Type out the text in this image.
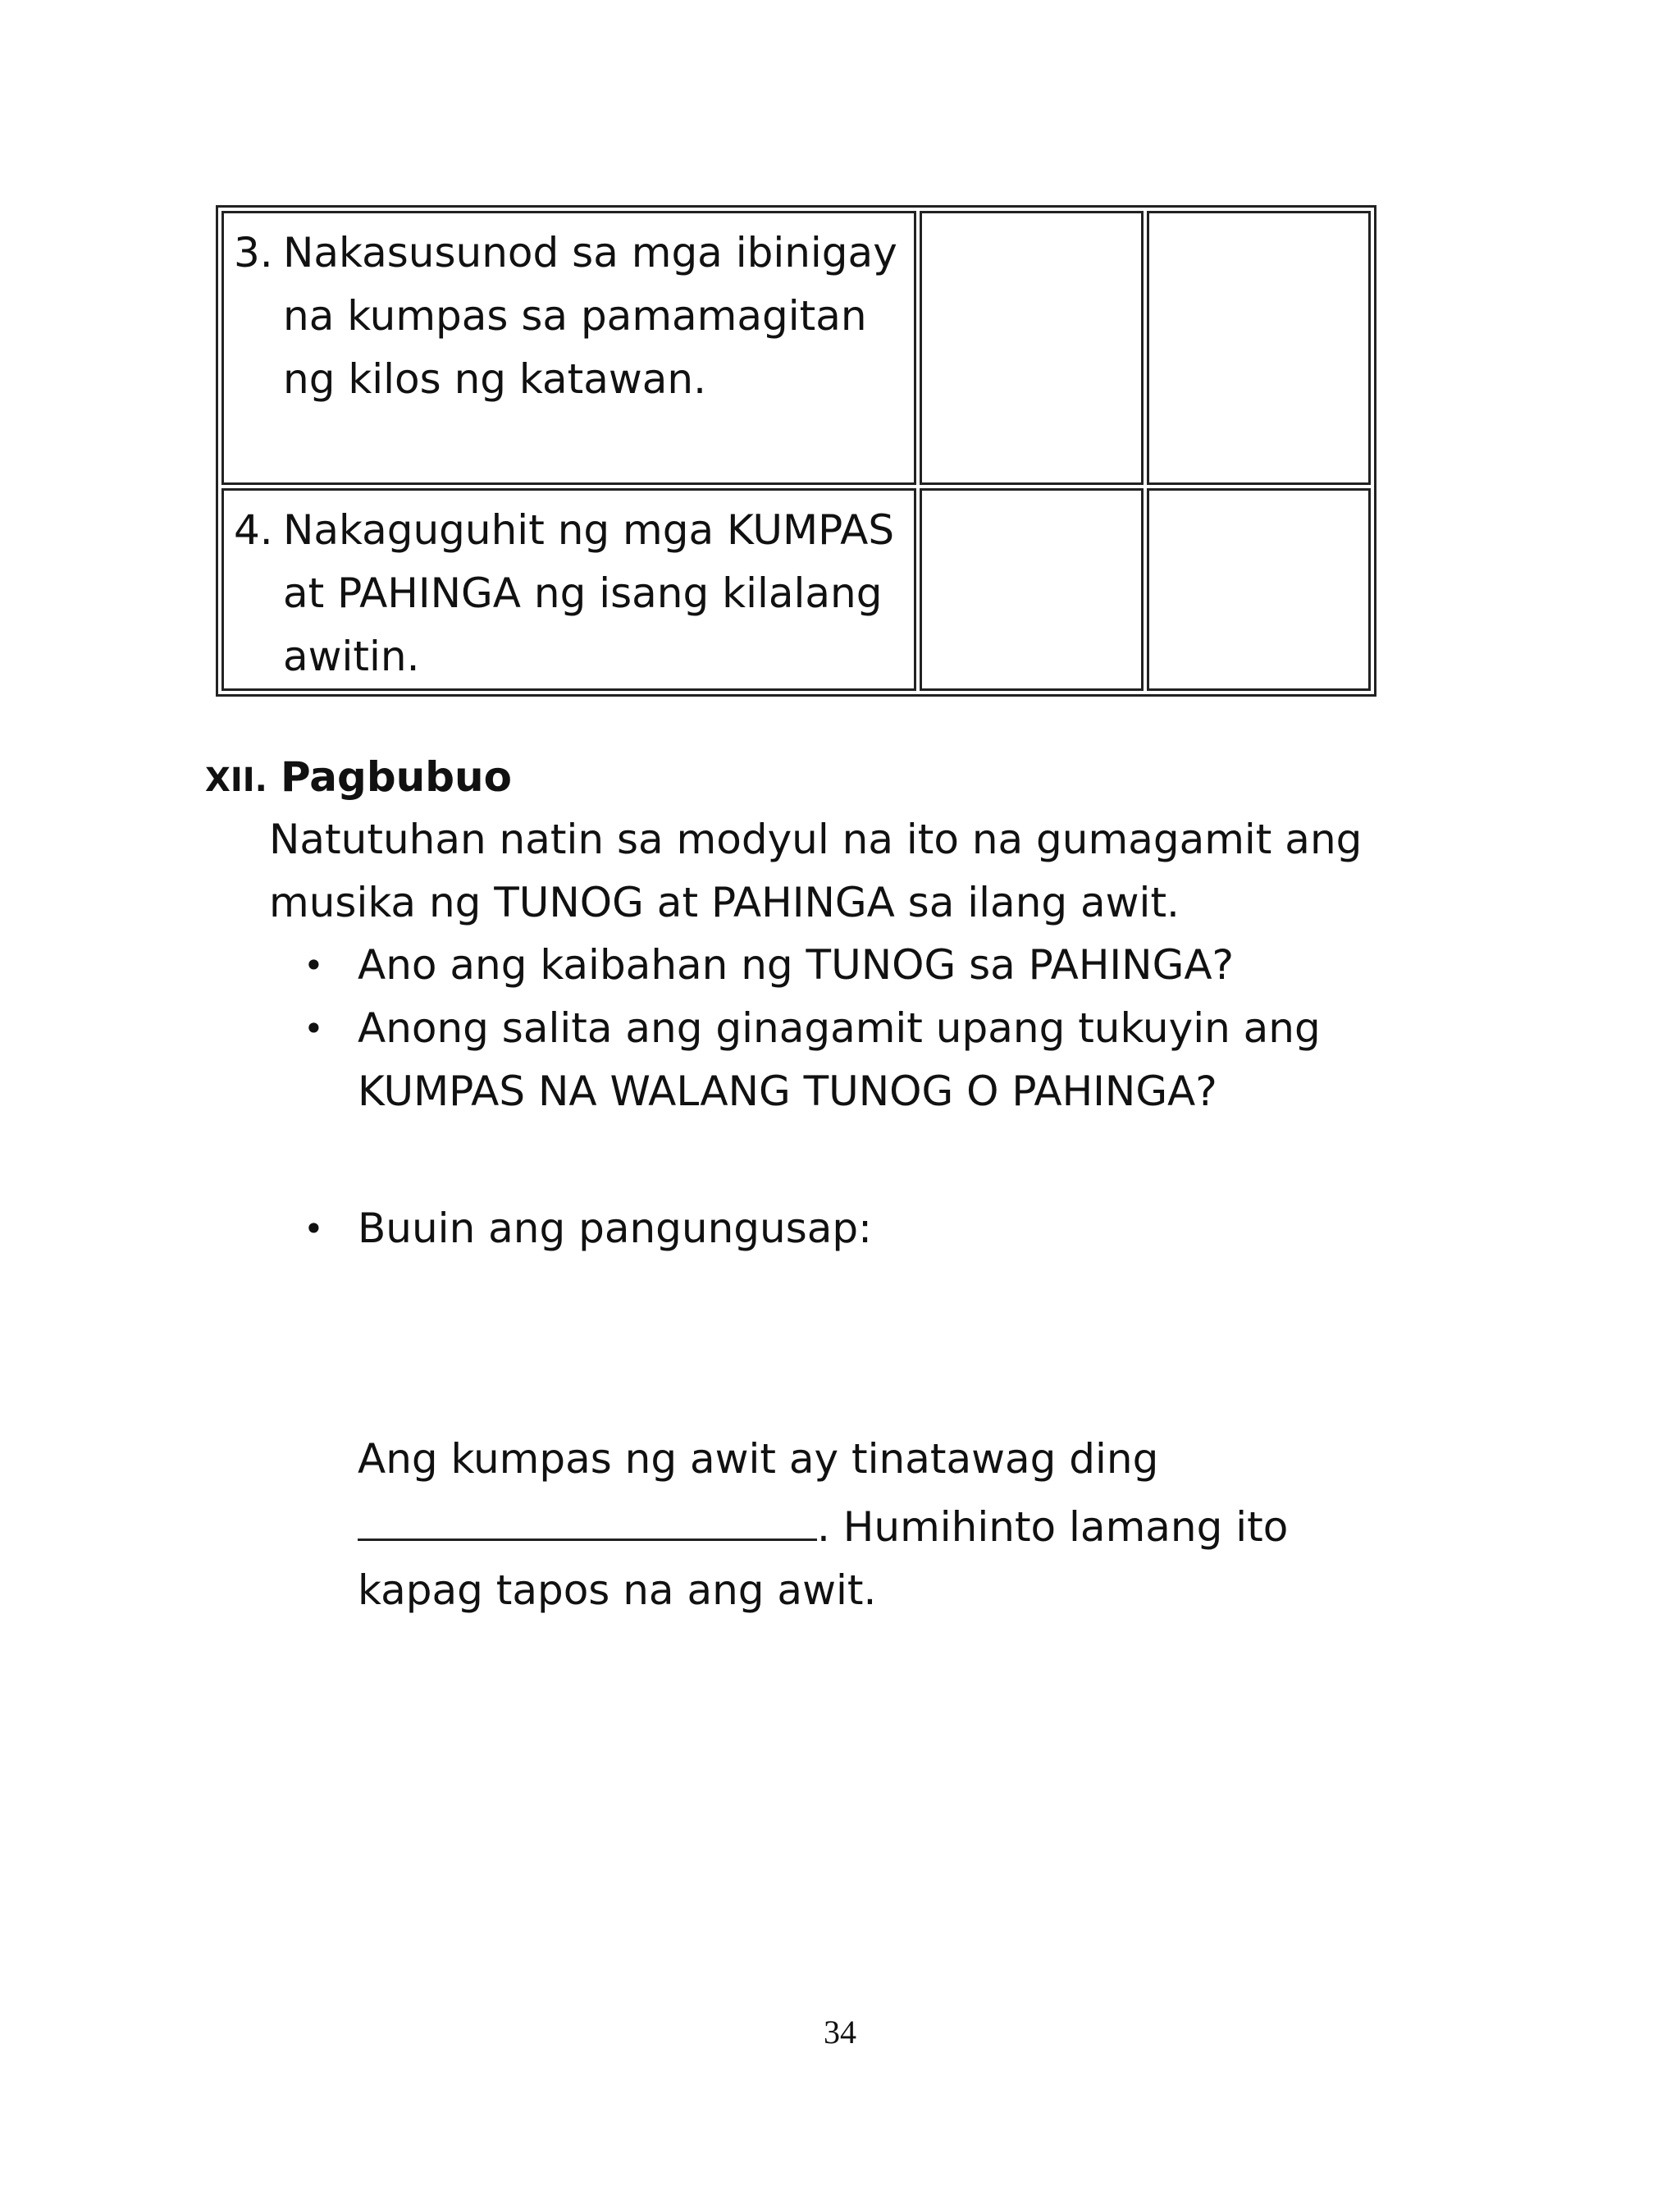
3. Nakasusunod sa mga ibinigay na kumpas sa pamamagitan ng kilos ng katawan.		

4. Nakaguguhit ng mga KUMPAS at PAHINGA ng isang kilalang awitin.		

XII. Pagbubuo
Natutuhan natin sa modyul na ito na gumagamit ang musika ng TUNOG at PAHINGA sa ilang awit.
• Ano ang kaibahan ng TUNOG sa PAHINGA?
• Anong salita ang ginagamit upang tukuyin ang KUMPAS NA WALANG TUNOG O PAHINGA?
• Buuin ang pangungusap:
Ang kumpas ng awit ay tinatawag ding . Humihinto lamang ito kapag tapos na ang awit.
34
